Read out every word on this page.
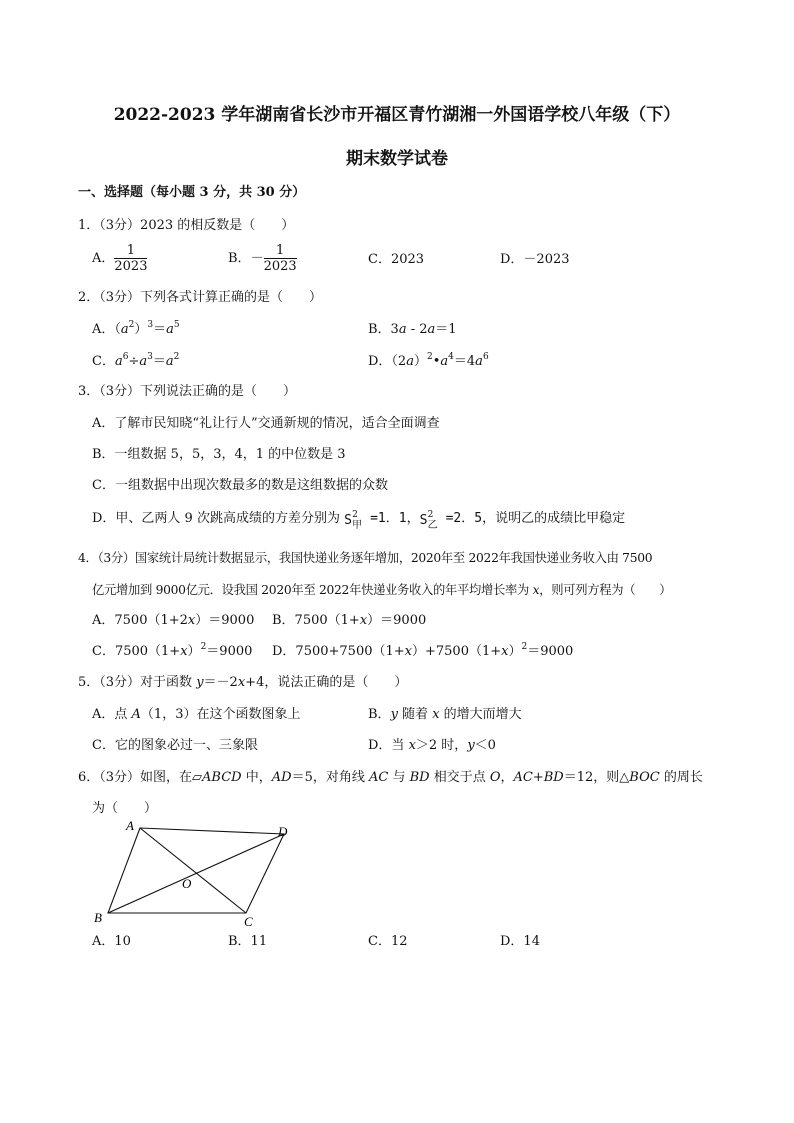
2022-2023 学年湖南省长沙市开福区青竹湖湘一外国语学校八年级（下）
期末数学试卷
一、选择题（每小题 3 分，共 30 分）
1．（3分）2023 的相反数是（　　）
A． $\frac{1}{2023}$	B．－ $\frac{1}{2023}$	C．2023	D．－2023
2．（3分）下列各式计算正确的是（　　）
A．$(a^2)^3=a^5$	B．3a - 2a＝1
C．$a^6\div a^3=a^2$	D．$(2a)^2•a^4=4a^6$
3．（3分）下列说法正确的是（　　）
A．了解市民知晓“礼让行人”交通新规的情况，适合全面调查
B．一组数据 5，5，3，4，1 的中位数是 3
C．一组数据中出现次数最多的数是这组数据的众数
D．甲、乙两人 9 次跳高成绩的方差分别为 S 2
甲 =1．1， S 2
乙 =2．5，说明乙的成绩比甲稳定
4．（3分）国家统计局统计数据显示，我国快递业务逐年增加，2020年至 2022年我国快递业务收入由 7500
亿元增加到 9000亿元．设我国 2020年至 2022年快递业务收入的年平均增长率为 x，则可列方程为（　　）
A．7500（1+2x）＝9000 B．7500（1+x）＝9000
C．$7500(1+x)^2=9000$ D．$7500+7500(1+x)+7500(1+x)^2=9000$
5．（3分）对于函数 y＝－2x+4，说法正确的是（　　）
A．点 A（1，3）在这个函数图象上	B．y 随着 x 的增大而增大
C．它的图象必过一、三象限	D．当 x＞2 时，y＜0
6．（3分）如图，在▱ABCD 中，AD＝5，对角线 AC 与 BD 相交于点 O，AC+BD＝12，则△BOC 的周长
为（　　）
A
B	C
D
O
A．10	B．11	C．12	D．14
